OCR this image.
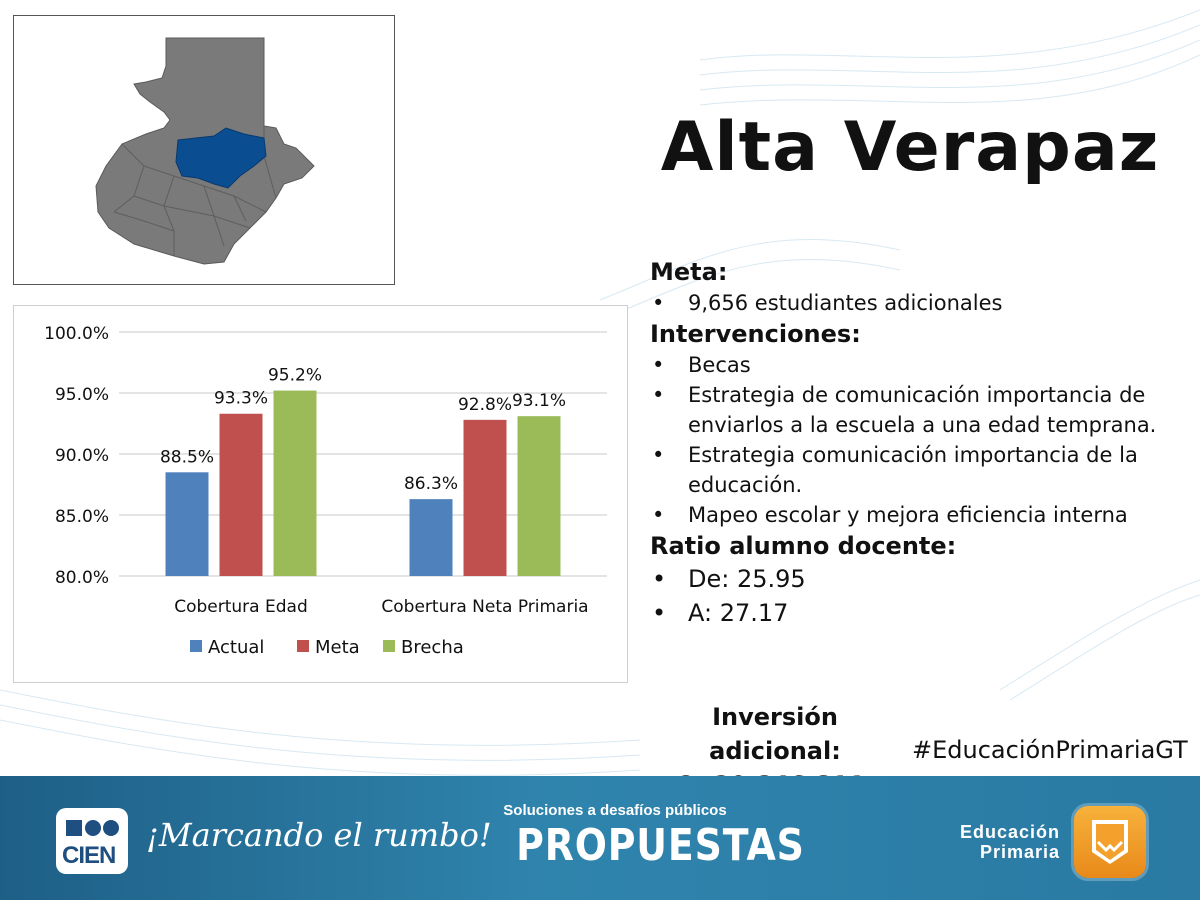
Alta Verapaz
100.0%
95.0%
90.0%
85.0%
80.0%
88.5%
93.3%
95.2%
Cobertura Edad
86.3%
92.8% 93.1%
Cobertura Neta Primaria
Actual	Meta Brecha

Meta:

• 9,656 estudiantes adicionales

Intervenciones:

• Becas
• Estrategia de comunicación importancia de enviarlos a la escuela a una edad temprana.
• Estrategia comunicación importancia de la educación.
• Mapeo escolar y mejora eficiencia interna

Ratio alumno docente:

• De: 25.95
• A: 27.17
Inversión adicional:	#EducaciónPrimariaGT
CIEN
¡Marcando el rumbo!
Soluciones a desafíos públicos
PROPUESTAS	Educación
Primaria
